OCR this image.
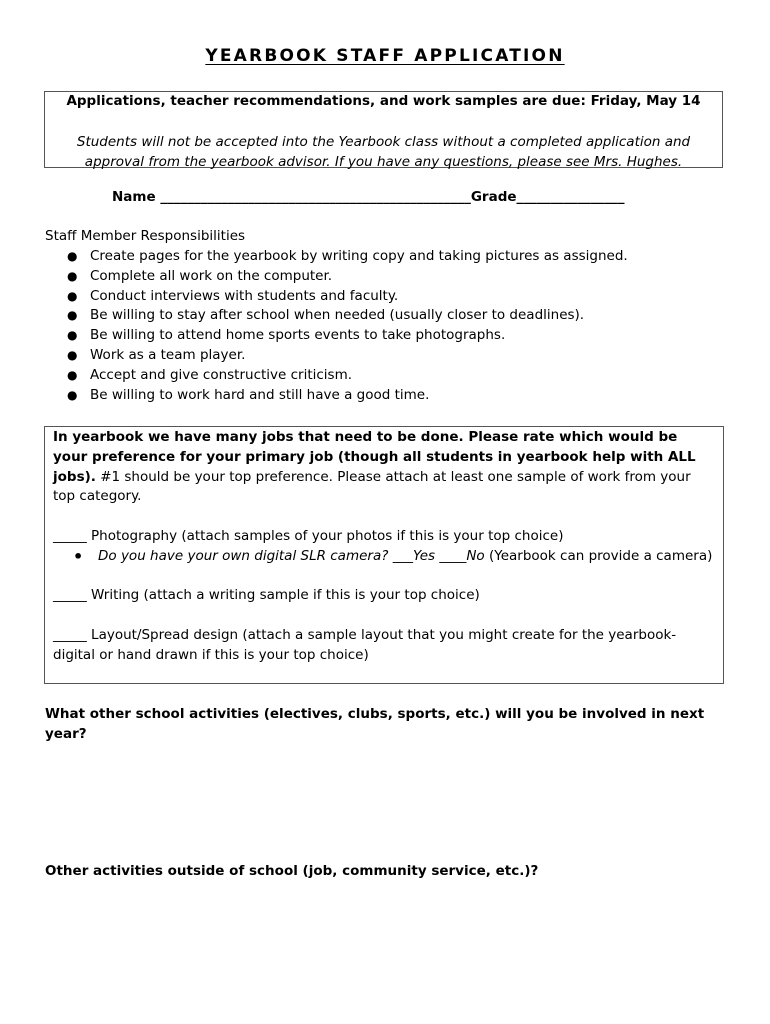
YEARBOOK STAFF APPLICATION
Applications, teacher recommendations, and work samples are due: Friday, May 14
Students will not be accepted into the Yearbook class without a completed application and approval from the yearbook advisor. If you have any questions, please see Mrs. Hughes.
Name ______________________________________________Grade________________
Staff Member Responsibilities
● Create pages for the yearbook by writing copy and taking pictures as assigned.
● Complete all work on the computer.
● Conduct interviews with students and faculty.
● Be willing to stay after school when needed (usually closer to deadlines).
● Be willing to attend home sports events to take photographs.
● Work as a team player.
● Accept and give constructive criticism.
● Be willing to work hard and still have a good time.

In yearbook we have many jobs that need to be done. Please rate which would be your preference for your primary job (though all students in yearbook help with ALL jobs). #1 should be your top preference. Please attach at least one sample of work from your top category.

_____ Photography (attach samples of your photos if this is your top choice)

• Do you have your own digital SLR camera? ___Yes ____No (Yearbook can provide a camera)

_____ Writing (attach a writing sample if this is your top choice)

_____ Layout/Spread design (attach a sample layout that you might create for the yearbook-digital or hand drawn if this is your top choice)

What other school activities (electives, clubs, sports, etc.) will you be involved in next year?
Other activities outside of school (job, community service, etc.)?
